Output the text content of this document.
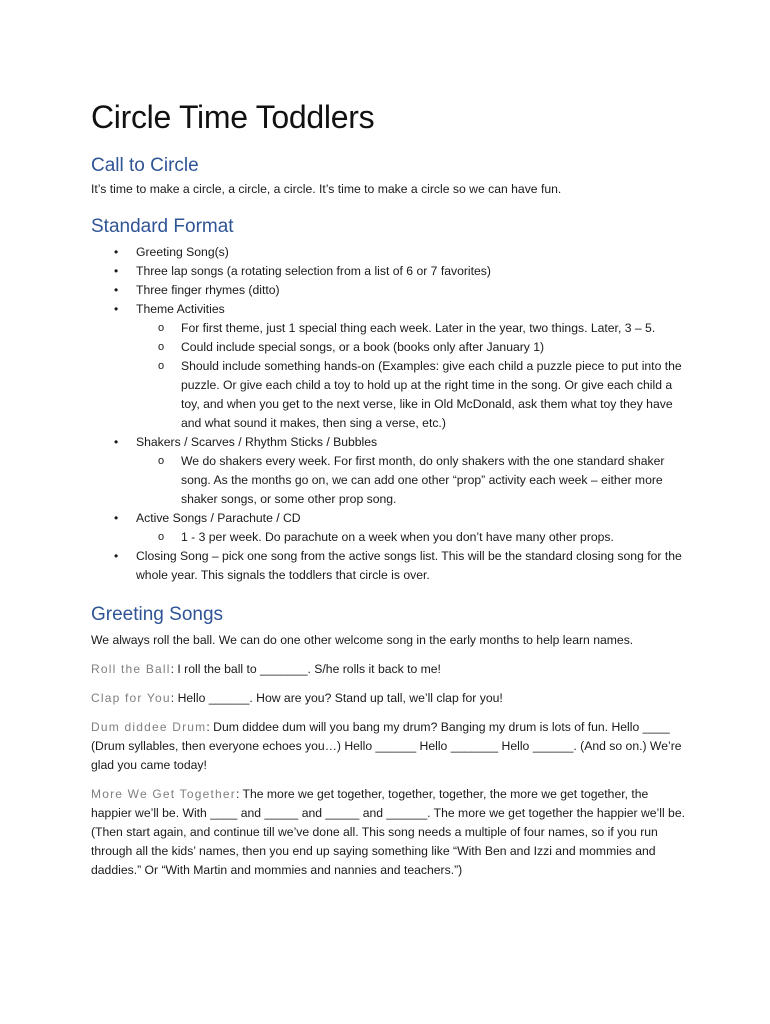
Circle Time Toddlers
Call to Circle

It’s time to make a circle, a circle, a circle. It’s time to make a circle so we can have fun.

Standard Format
• Greeting Song(s)
• Three lap songs (a rotating selection from a list of 6 or 7 favorites)
• Three finger rhymes (ditto)
• Theme Activities
o For first theme, just 1 special thing each week. Later in the year, two things. Later, 3 – 5.
o Could include special songs, or a book (books only after January 1)
o Should include something hands-on (Examples: give each child a puzzle piece to put into the puzzle. Or give each child a toy to hold up at the right time in the song. Or give each child a toy, and when you get to the next verse, like in Old McDonald, ask them what toy they have and what sound it makes, then sing a verse, etc.)
• Shakers / Scarves / Rhythm Sticks / Bubbles
o We do shakers every week. For first month, do only shakers with the one standard shaker song. As the months go on, we can add one other “prop” activity each week – either more shaker songs, or some other prop song.
• Active Songs / Parachute / CD
o 1 - 3 per week. Do parachute on a week when you don’t have many other props.
• Closing Song – pick one song from the active songs list. This will be the standard closing song for the whole year. This signals the toddlers that circle is over.
Greeting Songs

We always roll the ball. We can do one other welcome song in the early months to help learn names.

Roll the Ball: I roll the ball to _______. S/he rolls it back to me!

Clap for You: Hello ______. How are you? Stand up tall, we’ll clap for you!

Dum diddee Drum: Dum diddee dum will you bang my drum? Banging my drum is lots of fun. Hello ____ (Drum syllables, then everyone echoes you…) Hello ______ Hello _______ Hello ______. (And so on.) We’re glad you came today!

More We Get Together: The more we get together, together, together, the more we get together, the happier we’ll be. With ____ and _____ and _____ and ______. The more we get together the happier we’ll be. (Then start again, and continue till we’ve done all. This song needs a multiple of four names, so if you run through all the kids’ names, then you end up saying something like “With Ben and Izzi and mommies and daddies.” Or “With Martin and mommies and nannies and teachers.”)
